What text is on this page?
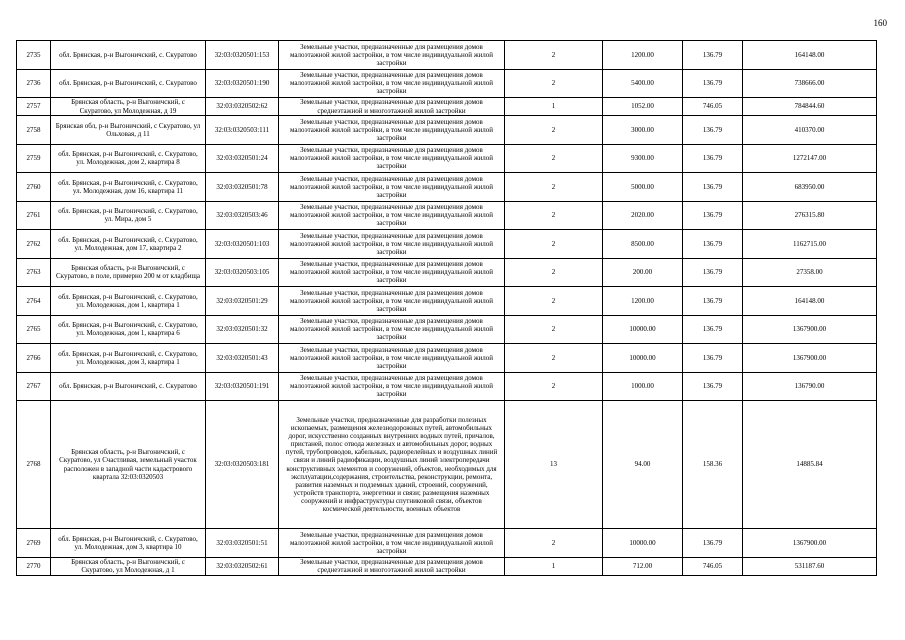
160
2735	обл. Брянская, р-н Выгоничский, с. Скуратово	32:03:0320501:153	Земельные участки, предназначенные для размещения домов малоэтажной жилой застройки, в том числе индивидуальной жилой застройки	2	1200.00	136.79	164148.00
2736	обл. Брянская, р-н Выгоничский, с. Скуратово	32:03:0320501:190	Земельные участки, предназначенные для размещения домов малоэтажной жилой застройки, в том числе индивидуальной жилой застройки	2	5400.00	136.79	738666.00
2757	Брянская область, р-н Выгоничский, с Скуратово, ул Молодежная, д 19	32:03:0320502:62	Земельные участки, предназначенные для размещения домов среднеэтажной и многоэтажной жилой застройки	1	1052.00	746.05	784844.60
2758	Брянская обл, р-н Выгоничский, с Скуратово, ул Ольховая, д 11	32:03:0320503:111	Земельные участки, предназначенные для размещения домов малоэтажной жилой застройки, в том числе индивидуальной жилой застройки	2	3000.00	136.79	410370.00
2759	обл. Брянская, р-н Выгоничский, с. Скуратово, ул. Молодежная, дом 2, квартира 8	32:03:0320501:24	Земельные участки, предназначенные для размещения домов малоэтажной жилой застройки, в том числе индивидуальной жилой застройки	2	9300.00	136.79	1272147.00
2760	обл. Брянская, р-н Выгоничский, с. Скуратово, ул. Молодежная, дом 16, квартира 11	32:03:0320501:78	Земельные участки, предназначенные для размещения домов малоэтажной жилой застройки, в том числе индивидуальной жилой застройки	2	5000.00	136.79	683950.00
2761	обл. Брянская, р-н Выгоничский, с. Скуратово, ул. Мира, дом 5	32:03:0320503:46	Земельные участки, предназначенные для размещения домов малоэтажной жилой застройки, в том числе индивидуальной жилой застройки	2	2020.00	136.79	276315.80
2762	обл. Брянская, р-н Выгоничский, с. Скуратово, ул. Молодежная, дом 17, квартира 2	32:03:0320501:103	Земельные участки, предназначенные для размещения домов малоэтажной жилой застройки, в том числе индивидуальной жилой застройки	2	8500.00	136.79	1162715.00
2763	Брянская область, р-н Выгоничский, с Скуратово, в поле, примерно 200 м от кладбища	32:03:0320503:105	Земельные участки, предназначенные для размещения домов малоэтажной жилой застройки, в том числе индивидуальной жилой застройки	2	200.00	136.79	27358.00
2764	обл. Брянская, р-н Выгоничский, с. Скуратово, ул. Молодежная, дом 1, квартира 1	32:03:0320501:29	Земельные участки, предназначенные для размещения домов малоэтажной жилой застройки, в том числе индивидуальной жилой застройки	2	1200.00	136.79	164148.00
2765	обл. Брянская, р-н Выгоничский, с. Скуратово, ул. Молодежная, дом 1, квартира 6	32:03:0320501:32	Земельные участки, предназначенные для размещения домов малоэтажной жилой застройки, в том числе индивидуальной жилой застройки	2	10000.00	136.79	1367900.00
2766	обл. Брянская, р-н Выгоничский, с. Скуратово, ул. Молодежная, дом 3, квартира 1	32:03:0320501:43	Земельные участки, предназначенные для размещения домов малоэтажной жилой застройки, в том числе индивидуальной жилой застройки	2	10000.00	136.79	1367900.00
2767	обл. Брянская, р-н Выгоничский, с. Скуратово	32:03:0320501:191	Земельные участки, предназначенные для размещения домов малоэтажной жилой застройки, в том числе индивидуальной жилой застройки	2	1000.00	136.79	136790.00
2768	Брянская область, р-н Выгоничский, с Скуратово, ул Счастливая, земельный участок расположен в западной части кадастрового квартала 32:03:0320503	32:03:0320503:181	Земельные участки, предназначенные для разработки полезных ископаемых, размещения железнодорожных путей, автомобильных дорог, искусственно созданных внутренних водных путей, причалов, пристаней, полос отвода железных и автомобильных дорог, водных путей, трубопроводов, кабельных, радиорелейных и воздушных линий связи и линий радиофикации, воздушных линий электропередачи конструктивных элементов и сооружений, объектов, необходимых для эксплуатации,содержания, строительства, реконструкции, ремонта, развития наземных и подземных зданий, строений, сооружений, устройств транспорта, энергетики и связи; размещения наземных сооружений и инфраструктуры спутниковой связи, объектов космической деятельности, военных объектов	13	94.00	158.36	14885.84
2769	обл. Брянская, р-н Выгоничский, с. Скуратово, ул. Молодежная, дом 3, квартира 10	32:03:0320501:51	Земельные участки, предназначенные для размещения домов малоэтажной жилой застройки, в том числе индивидуальной жилой застройки	2	10000.00	136.79	1367900.00
2770	Брянская область, р-н Выгоничский, с Скуратово, ул Молодежная, д 1	32:03:0320502:61	Земельные участки, предназначенные для размещения домов среднеэтажной и многоэтажной жилой застройки	1	712.00	746.05	531187.60
